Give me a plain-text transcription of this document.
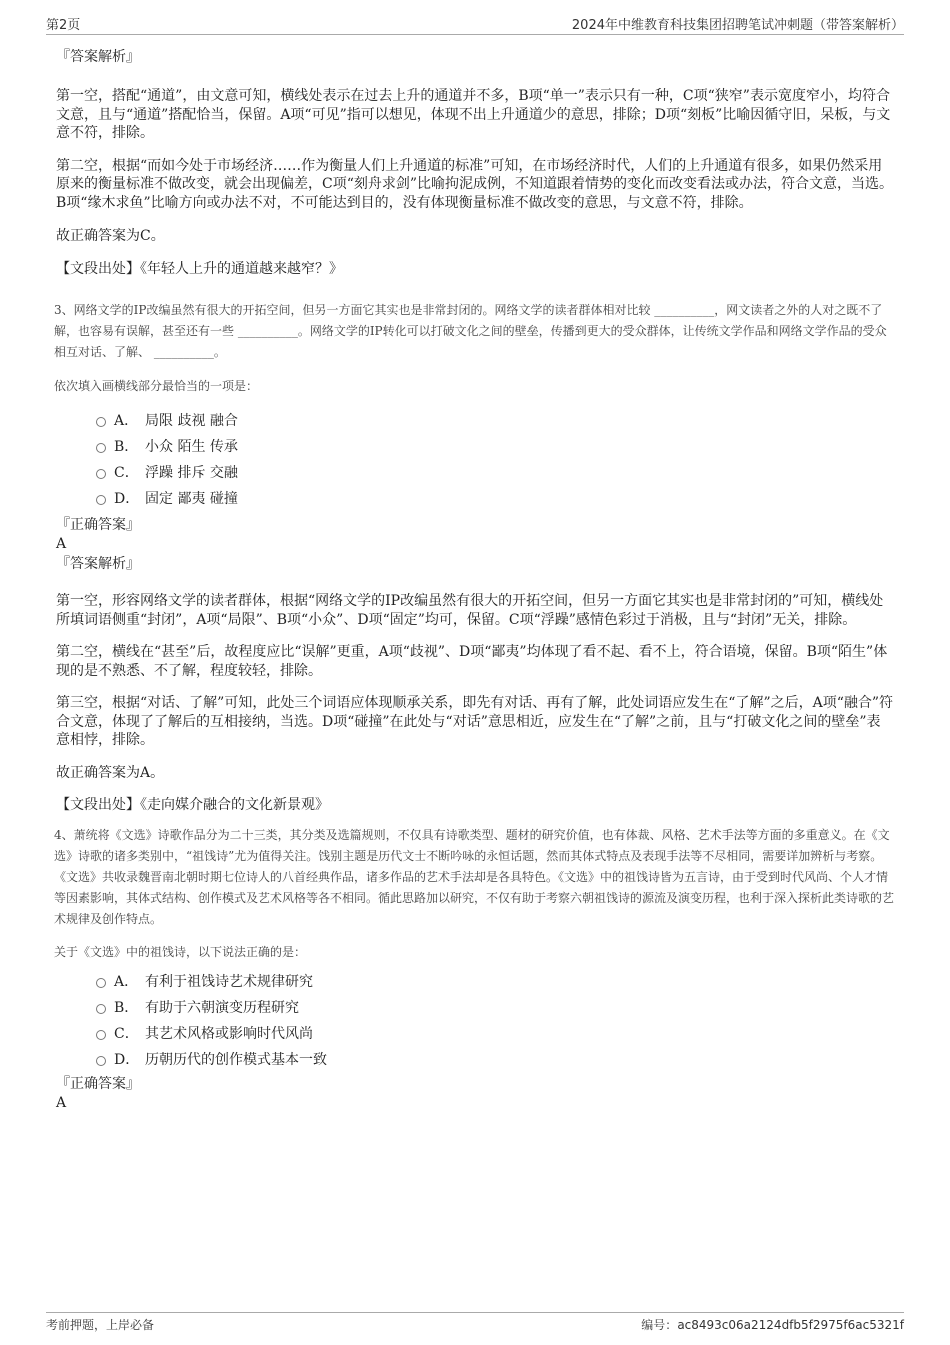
第2页	2024年中维教育科技集团招聘笔试冲刺题（带答案解析）

『答案解析』

第一空，搭配“通道”，由文意可知，横线处表示在过去上升的通道并不多，B项“单一”表示只有一种，C项“狭窄”表示宽度窄小，均符合文意，且与“通道”搭配恰当，保留。A项“可见”指可以想见，体现不出上升通道少的意思，排除；D项“刻板”比喻因循守旧，呆板，与文意不符，排除。

第二空，根据“而如今处于市场经济……作为衡量人们上升通道的标准”可知，在市场经济时代，人们的上升通道有很多，如果仍然采用原来的衡量标准不做改变，就会出现偏差，C项“刻舟求剑”比喻拘泥成例，不知道跟着情势的变化而改变看法或办法，符合文意，当选。B项“缘木求鱼”比喻方向或办法不对，不可能达到目的，没有体现衡量标准不做改变的意思，与文意不符，排除。

故正确答案为C。

【文段出处】《年轻人上升的通道越来越窄？》

3、网络文学的IP改编虽然有很大的开拓空间，但另一方面它其实也是非常封闭的。网络文学的读者群体相对比较 __________，网文读者之外的人对之既不了解，也容易有误解，甚至还有一些 __________。网络文学的IP转化可以打破文化之间的壁垒，传播到更大的受众群体，让传统文学作品和网络文学作品的受众相互对话、了解、 __________。

依次填入画横线部分最恰当的一项是：

A． 局限 歧视 融合
B． 小众 陌生 传承
C． 浮躁 排斥 交融
D． 固定 鄙夷 碰撞

『正确答案』

A

『答案解析』

第一空，形容网络文学的读者群体，根据“网络文学的IP改编虽然有很大的开拓空间，但另一方面它其实也是非常封闭的”可知，横线处所填词语侧重“封闭”，A项“局限”、B项“小众”、D项“固定”均可，保留。C项“浮躁”感情色彩过于消极，且与“封闭”无关，排除。

第二空，横线在“甚至”后，故程度应比“误解”更重，A项“歧视”、D项“鄙夷”均体现了看不起、看不上，符合语境，保留。B项“陌生”体现的是不熟悉、不了解，程度较轻，排除。

第三空，根据“对话、了解”可知，此处三个词语应体现顺承关系，即先有对话、再有了解，此处词语应发生在“了解”之后，A项“融合”符合文意，体现了了解后的互相接纳，当选。D项“碰撞”在此处与“对话”意思相近，应发生在“了解”之前，且与“打破文化之间的壁垒”表意相悖，排除。

故正确答案为A。

【文段出处】《走向媒介融合的文化新景观》

4、萧统将《文选》诗歌作品分为二十三类，其分类及选篇规则，不仅具有诗歌类型、题材的研究价值，也有体裁、风格、艺术手法等方面的多重意义。在《文选》诗歌的诸多类别中，“祖饯诗”尤为值得关注。饯别主题是历代文士不断吟咏的永恒话题，然而其体式特点及表现手法等不尽相同，需要详加辨析与考察。《文选》共收录魏晋南北朝时期七位诗人的八首经典作品，诸多作品的艺术手法却是各具特色。《文选》中的祖饯诗皆为五言诗，由于受到时代风尚、个人才情等因素影响，其体式结构、创作模式及艺术风格等各不相同。循此思路加以研究，不仅有助于考察六朝祖饯诗的源流及演变历程，也利于深入探析此类诗歌的艺术规律及创作特点。

关于《文选》中的祖饯诗，以下说法正确的是：

A． 有利于祖饯诗艺术规律研究
B． 有助于六朝演变历程研究
C． 其艺术风格或影响时代风尚
D． 历朝历代的创作模式基本一致

『正确答案』

A

考前押题，上岸必备	编号：ac8493c06a2124dfb5f2975f6ac5321f
